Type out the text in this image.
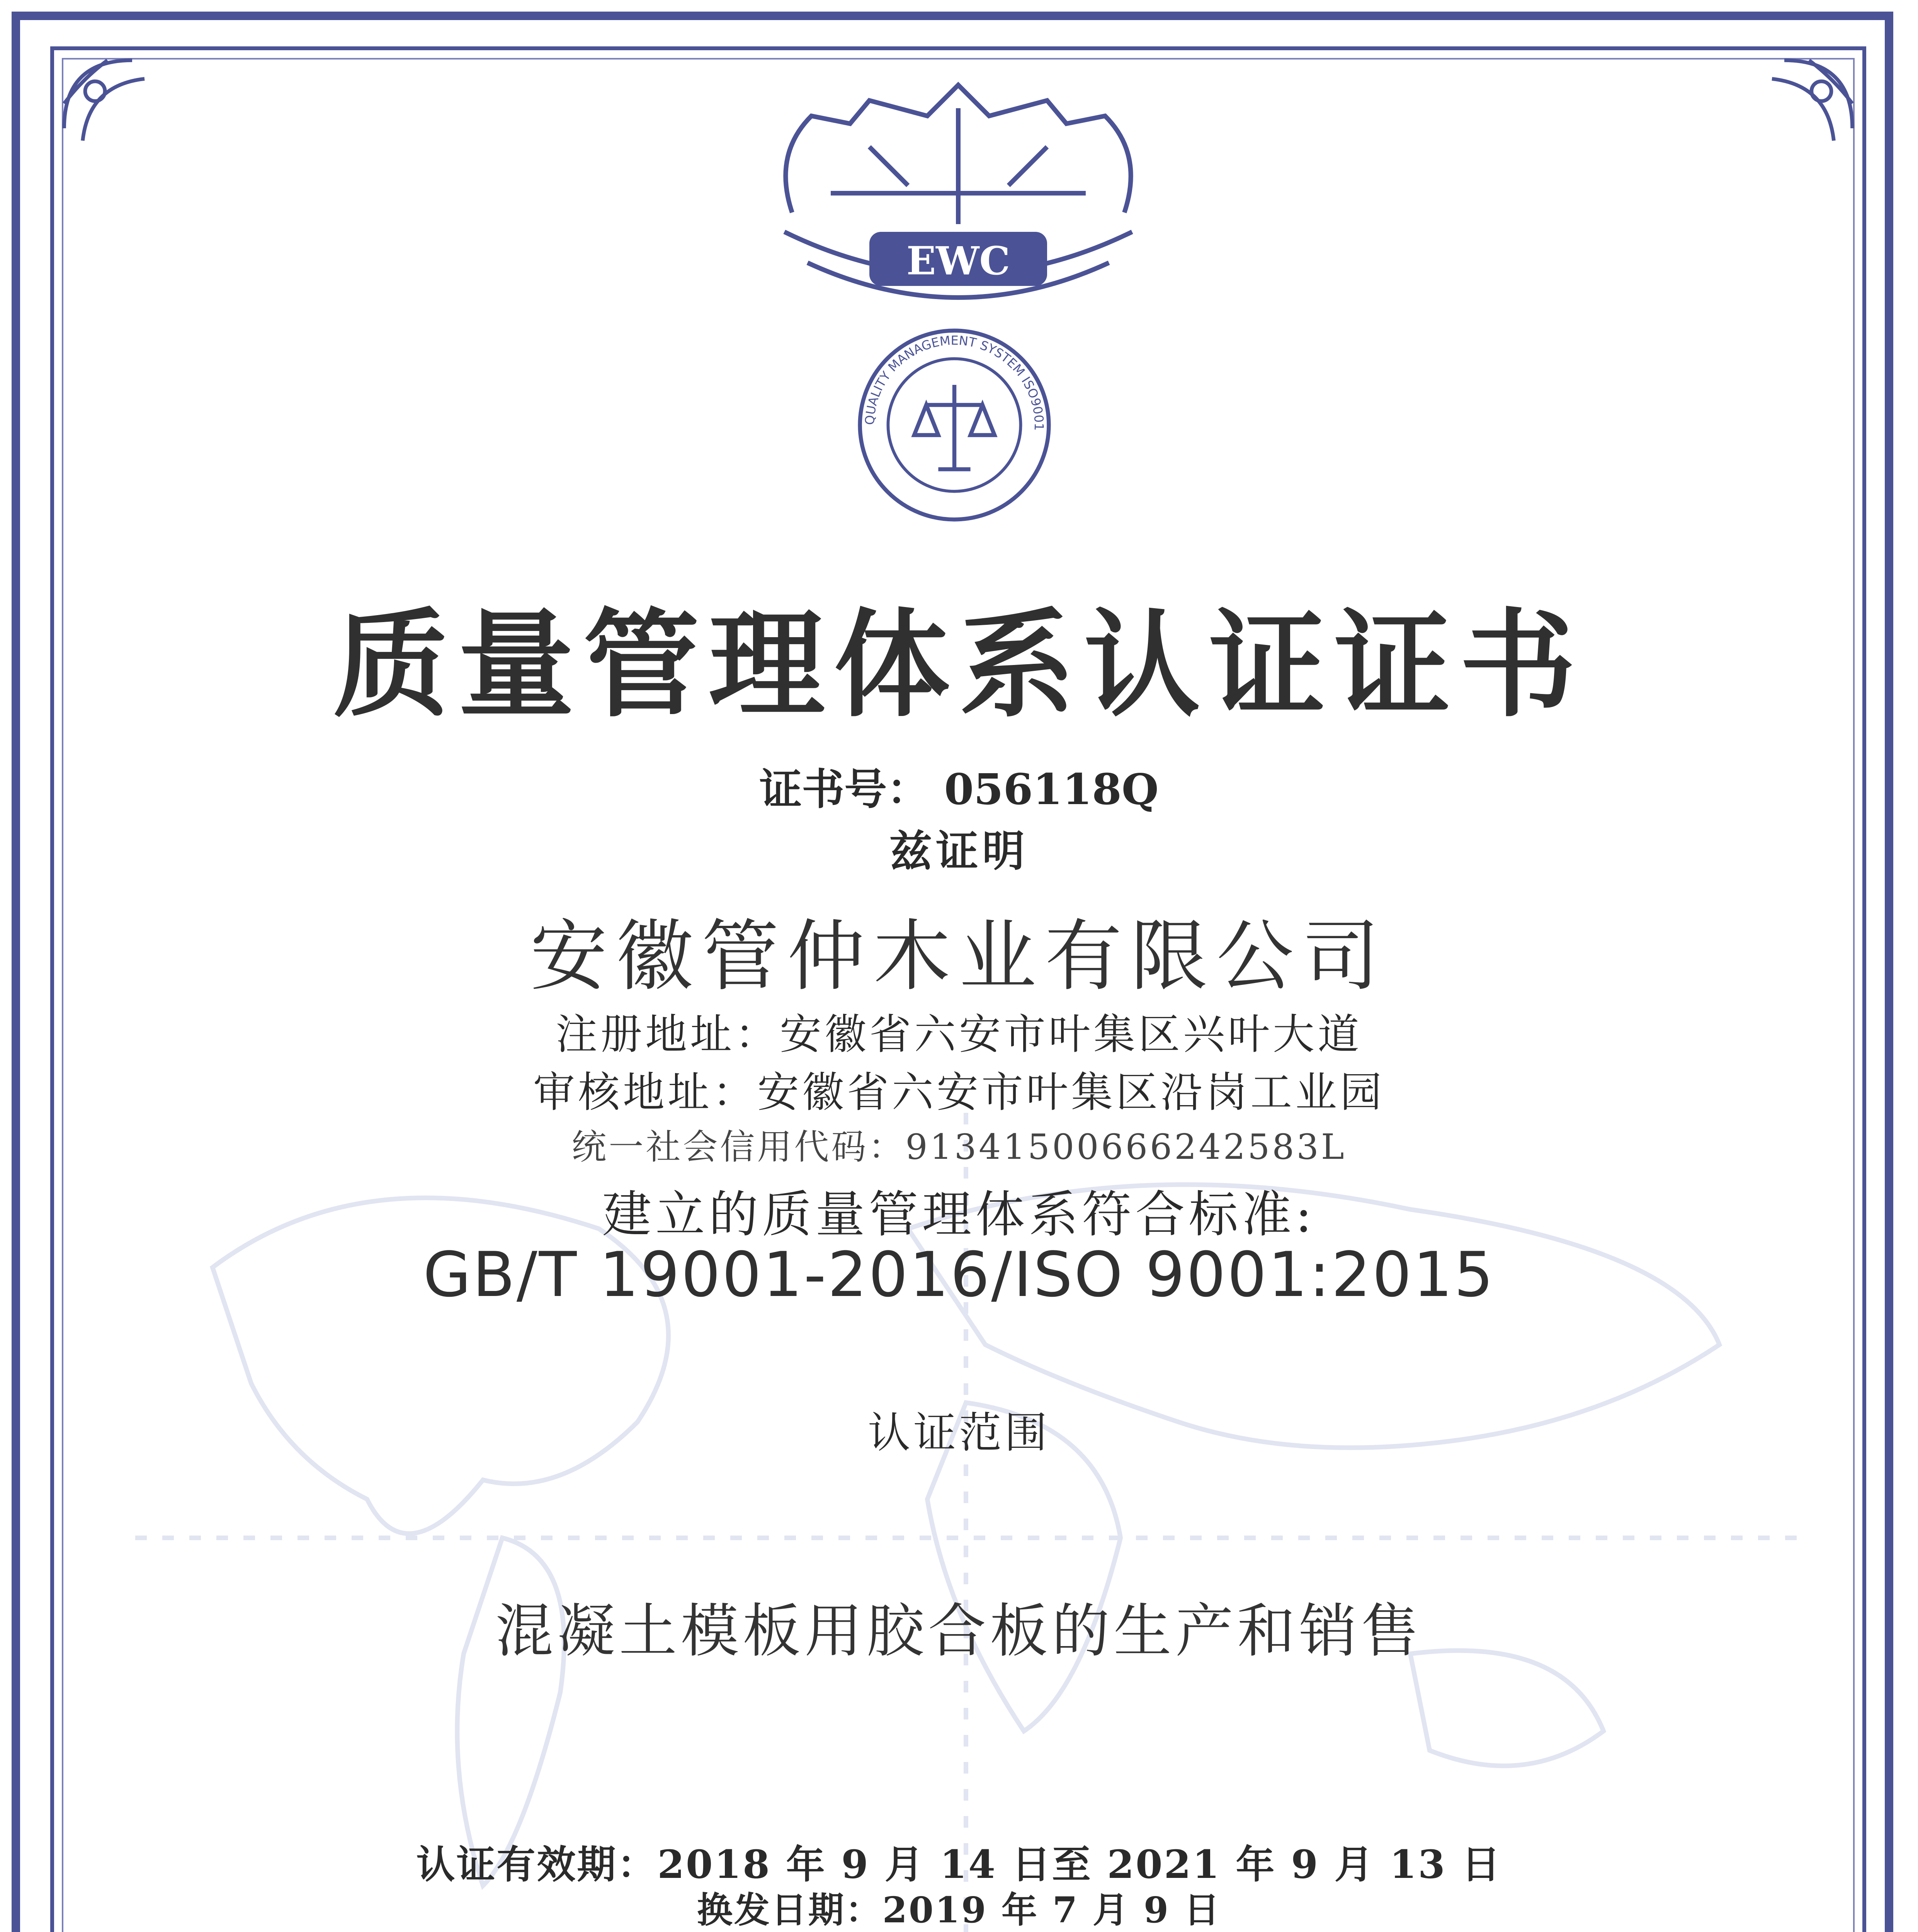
EWC
QUALITY MANAGEMENT SYSTEM ISO9001
质量管理体系认证证书
证书号： 056118Q
兹证明
安徽管仲木业有限公司
注册地址：安徽省六安市叶集区兴叶大道
审核地址：安徽省六安市叶集区沿岗工业园
统一社会信用代码：91341500666242583L
建立的质量管理体系符合标准:
GB/T 19001-2016/ISO 9001:2015
认证范围
混凝土模板用胶合板的生产和销售
认证有效期：2018 年 9 月 14 日至 2021 年 9 月 13 日
换发日期：2019 年 7 月 9 日
